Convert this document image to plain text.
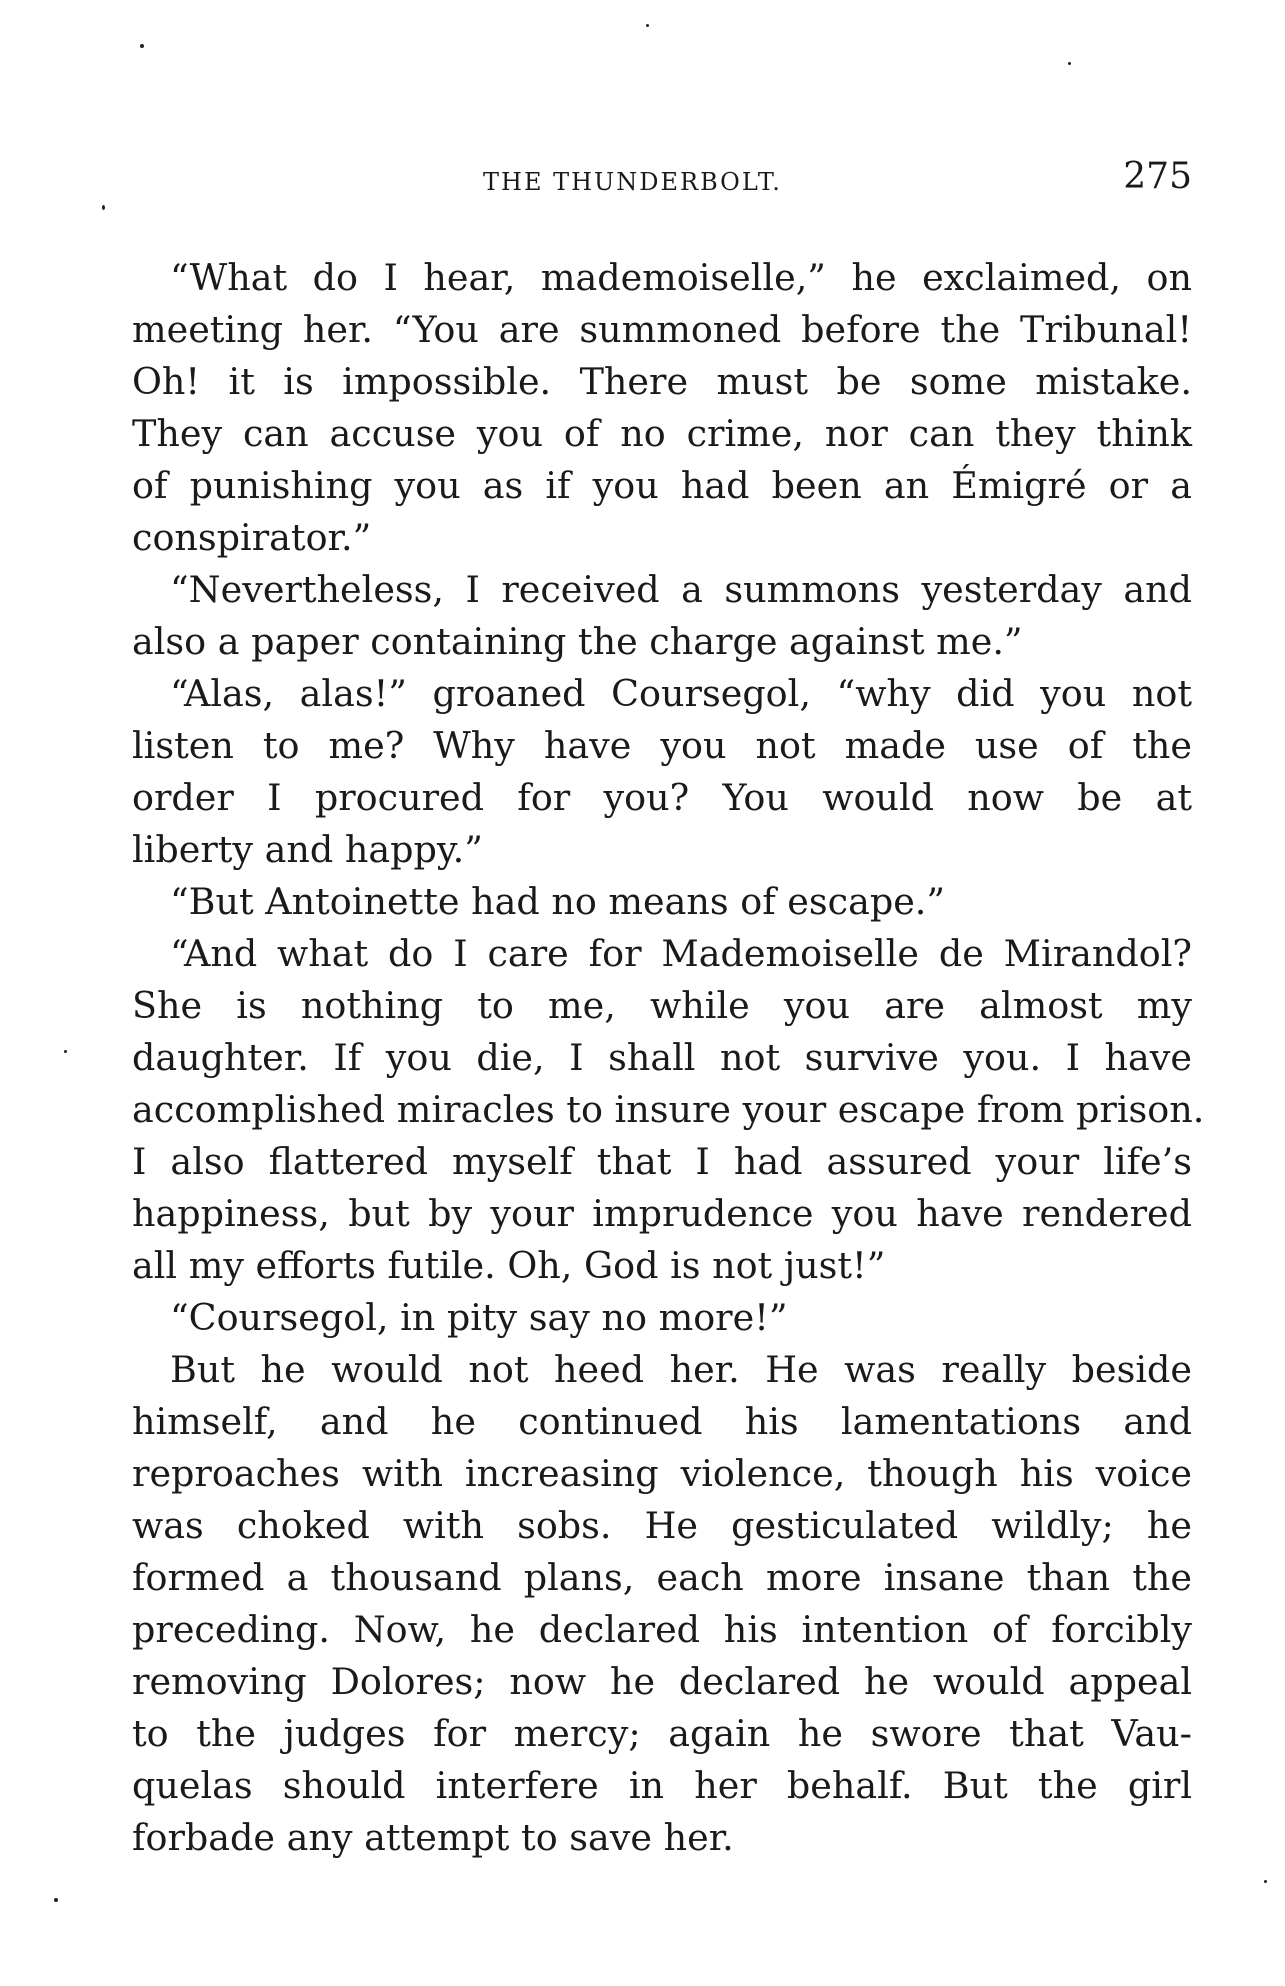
THE THUNDERBOLT.	275
“What do I hear, mademoiselle,” he exclaimed, on
meeting her. “You are summoned before the Tribunal!
Oh! it is impossible. There must be some mistake.
They can accuse you of no crime, nor can they think
of punishing you as if you had been an Émigré or a
conspirator.”
“Nevertheless, I received a summons yesterday and
also a paper containing the charge against me.”
“Alas, alas!” groaned Coursegol, “why did you not
listen to me? Why have you not made use of the
order I procured for you? You would now be at
liberty and happy.”
“But Antoinette had no means of escape.”
“And what do I care for Mademoiselle de Mirandol?
She is nothing to me, while you are almost my
daughter. If you die, I shall not survive you. I have
accomplished miracles to insure your escape from prison.
I also flattered myself that I had assured your life’s
happiness, but by your imprudence you have rendered
all my efforts futile. Oh, God is not just!”
“Coursegol, in pity say no more!”
But he would not heed her. He was really beside
himself, and he continued his lamentations and
reproaches with increasing violence, though his voice
was choked with sobs. He gesticulated wildly; he
formed a thousand plans, each more insane than the
preceding. Now, he declared his intention of forcibly
removing Dolores; now he declared he would appeal
to the judges for mercy; again he swore that Vau-
quelas should interfere in her behalf. But the girl
forbade any attempt to save her.
